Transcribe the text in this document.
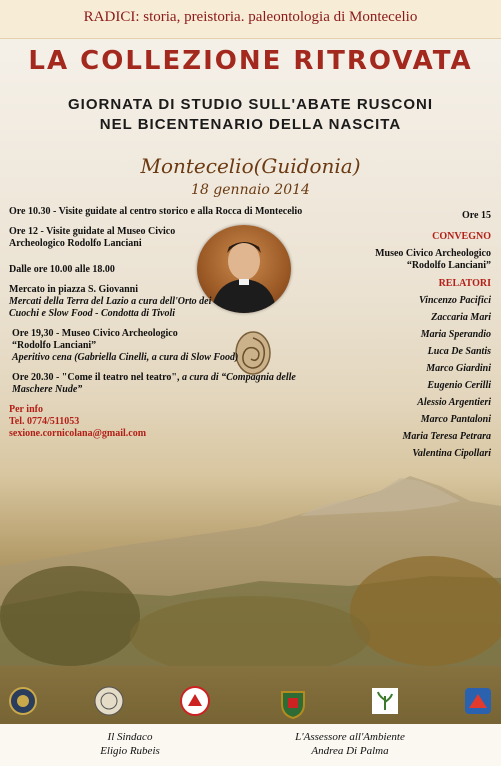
RADICI: storia, preistoria. paleontologia di Montecelio
LA COLLEZIONE RITROVATA
GIORNATA DI STUDIO SULL'ABATE RUSCONI
NEL BICENTENARIO DELLA NASCITA
Montecelio(Guidonia)
18 gennaio 2014

Ore 10.30 - Visite guidate al centro storico e alla Rocca di Montecelio

Ore 12 - Visite guidate al Museo Civico Archeologico Rodolfo Lanciani

Dalle ore 10.00 alle 18.00

Mercato in piazza S. Giovanni
Mercati della Terra del Lazio a cura dell'Orto dei Cuochi e Slow Food - Condotta di Tivoli

Ore 19,30 - Museo Civico Archeologico
“Rodolfo Lanciani”
Aperitivo cena (Gabriella Cinelli, a cura di Slow Food)

Ore 20.30 - "Come il teatro nel teatro", a cura di “Compagnia delle Maschere Nude”

Per info
Tel. 0774/511053
sexione.cornicolana@gmail.com

Ore 15
CONVEGNO
Museo Civico Archeologico
“Rodolfo Lanciani”
RELATORI
Vincenzo Pacifici
Zaccaria Mari
Maria Sperandio
Luca De Santis
Marco Giardini
Eugenio Cerilli
Alessio Argentieri
Marco Pantaloni
Maria Teresa Petrara
Valentina Cipollari
Il Sindaco
Eligio Rubeis
L'Assessore all'Ambiente
Andrea Di Palma
